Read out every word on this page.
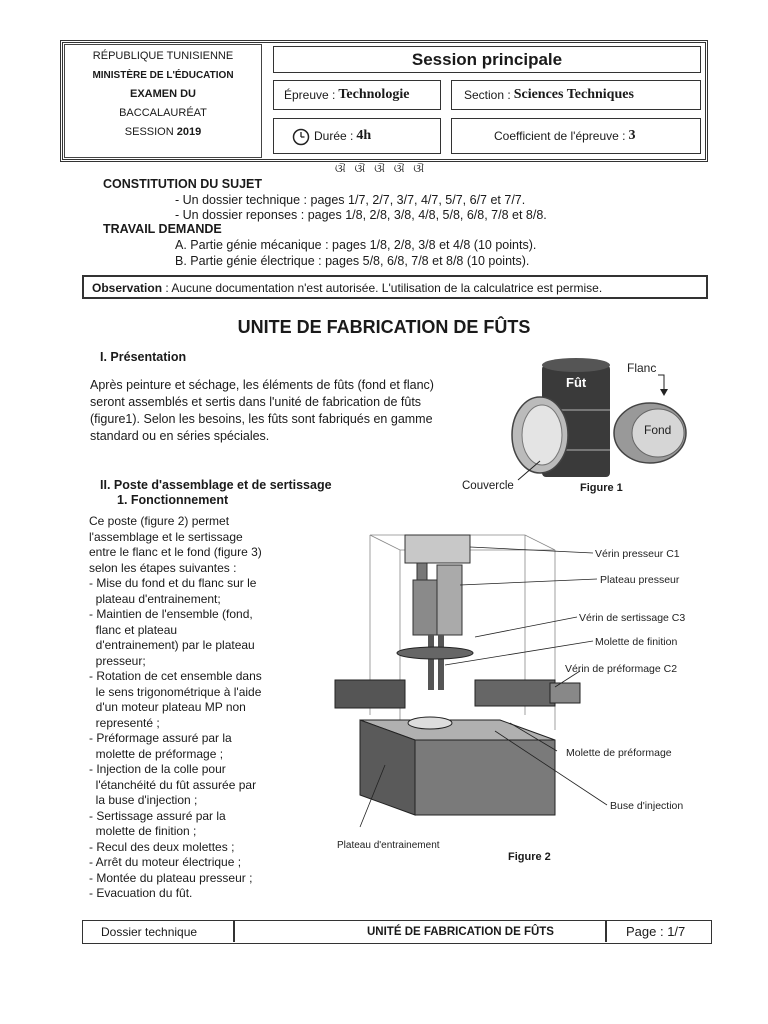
RÉPUBLIQUE TUNISIENNE
MINISTÈRE DE L'ÉDUCATION
EXAMEN DU
BACCALAURÉAT
SESSION 2019
Session principale
Épreuve : Technologie	Section : Sciences Techniques
Durée : 4h	Coefficient de l'épreuve : 3
ଔ ଔ ଔ ଔ ଔ
CONSTITUTION DU SUJET
- Un dossier technique : pages 1/7, 2/7, 3/7, 4/7, 5/7, 6/7 et 7/7.
- Un dossier reponses : pages 1/8, 2/8, 3/8, 4/8, 5/8, 6/8, 7/8 et 8/8.
TRAVAIL DEMANDE
A. Partie génie mécanique : pages 1/8, 2/8, 3/8 et 4/8 (10 points).
B. Partie génie électrique : pages 5/8, 6/8, 7/8 et 8/8 (10 points).
Observation : Aucune documentation n'est autorisée. L'utilisation de la calculatrice est permise.
UNITE DE FABRICATION DE FÛTS
I. Présentation
Après peinture et séchage, les éléments de fûts (fond et flanc)
seront assemblés et sertis dans l'unité de fabrication de fûts
(figure1). Selon les besoins, les fûts sont fabriqués en gamme
standard ou en séries spéciales.
Fût
Fond
Flanc
Couvercle	Figure 1
II. Poste d'assemblage et de sertissage
1. Fonctionnement
Ce poste (figure 2) permet
l'assemblage et le sertissage
entre le flanc et le fond (figure 3)
selon les étapes suivantes :
- Mise du fond et du flanc sur le
plateau d'entrainement;
- Maintien de l'ensemble (fond,
flanc et plateau
d'entrainement) par le plateau
presseur;
- Rotation de cet ensemble dans
le sens trigonométrique à l'aide
d'un moteur plateau MP non
representé ;
- Préformage assuré par la
molette de préformage ;
- Injection de la colle pour
l'étanchéité du fût assurée par
la buse d'injection ;
- Sertissage assuré par la
molette de finition ;
- Recul des deux molettes ;
- Arrêt du moteur électrique ;
- Montée du plateau presseur ;
- Evacuation du fût.
Vérin presseur C1
Plateau presseur
Vérin de sertissage C3
Molette de finition
Vérin de préformage C2
Molette de préformage
Buse d'injection
Plateau d'entrainement
Figure 2
Dossier technique	UNITÉ DE FABRICATION DE FÛTS	Page : 1/7
